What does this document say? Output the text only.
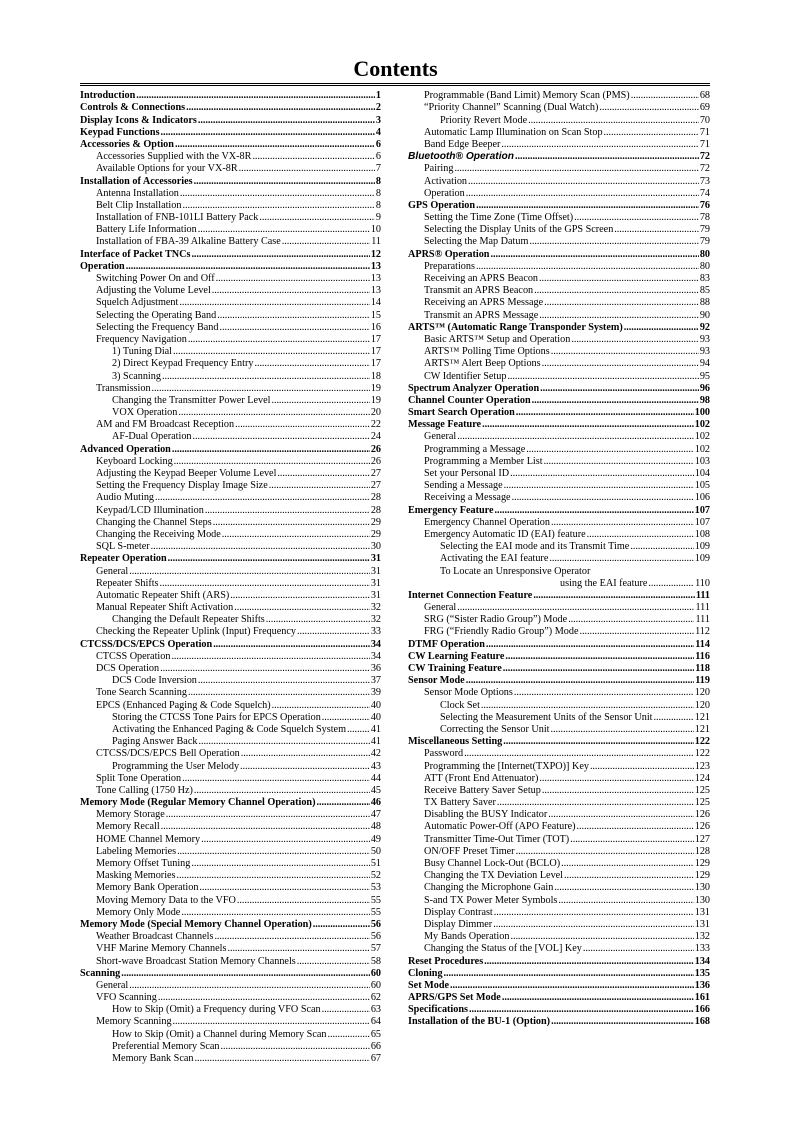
Contents
Introduction . . .	1
Controls & Connections . . .	2
Display Icons & Indicators . . .	3
Keypad Functions . . .	4
Accessories & Option . . .	6
Accessories Supplied with the VX-8R . . .	6
Available Options for your VX-8R . . .	7
Installation of Accessories . . .	8
Antenna Installation . . .	8
Belt Clip Installation . . .	8
Installation of FNB-101LI Battery Pack . . .	9
Battery Life Information . . .	10
Installation of FBA-39 Alkaline Battery Case . . .	11
Interface of Packet TNCs . . .	12
Operation . . .	13
Switching Power On and Off . . .	13
Adjusting the Volume Level . . .	13
Squelch Adjustment . . .	14
Selecting the Operating Band . . .	15
Selecting the Frequency Band . . .	16
Frequency Navigation . . .	17
1) Tuning Dial . . .	17
2) Direct Keypad Frequency Entry . . .	17
3) Scanning . . .	18
Transmission . . .	19
Changing the Transmitter Power Level . . .	19
VOX Operation . . .	20
AM and FM Broadcast Reception . . .	22
AF-Dual Operation . . .	24
Advanced Operation . . .	26
Keyboard Locking . . .	26
Adjusting the Keypad Beeper Volume Level . . .	27
Setting the Frequency Display Image Size . . .	27
Audio Muting . . .	28
Keypad/LCD Illumination . . .	28
Changing the Channel Steps . . .	29
Changing the Receiving Mode . . .	29
SQL S-meter . . .	30
Repeater Operation . . .	31
General . . .	31
Repeater Shifts . . .	31
Automatic Repeater Shift (ARS) . . .	31
Manual Repeater Shift Activation . . .	32
Changing the Default Repeater Shifts . . .	32
Checking the Repeater Uplink (Input) Frequency . . .	33
CTCSS/DCS/EPCS Operation . . .	34
CTCSS Operation . . .	34
DCS Operation . . .	36
DCS Code Inversion . . .	37
Tone Search Scanning . . .	39
EPCS (Enhanced Paging & Code Squelch) . . .	40
Storing the CTCSS Tone Pairs for EPCS Operation . . .	40
Activating the Enhanced Paging & Code Squelch System . . . 41
Paging Answer Back . . .	41
CTCSS/DCS/EPCS Bell Operation . . .	42
Programming the User Melody . . .	43
Split Tone Operation . . .	44
Tone Calling (1750 Hz) . . .	45
Memory Mode (Regular Memory Channel Operation) . . .	46
Memory Storage . . .	47
Memory Recall . . .	48
HOME Channel Memory . . .	49
Labeling Memories . . .	50
Memory Offset Tuning . . .	51
Masking Memories . . .	52
Memory Bank Operation . . .	53
Moving Memory Data to the VFO . . .	55
Memory Only Mode . . .	55
Memory Mode (Special Memory Channel Operation) . . .	56
Weather Broadcast Channels . . .	56
VHF Marine Memory Channels . . .	57
Short-wave Broadcast Station Memory Channels . . .	58
Scanning . . .	60
General . . .	60
VFO Scanning . . .	62
How to Skip (Omit) a Frequency during VFO Scan . . .	63
Memory Scanning . . .	64
How to Skip (Omit) a Channel during Memory Scan . . .	65
Preferential Memory Scan . . .	66
Memory Bank Scan . . .	67
Programmable (Band Limit) Memory Scan (PMS) . . .	68
“Priority Channel” Scanning (Dual Watch) . . .	69
Priority Revert Mode . . .	70
Automatic Lamp Illumination on Scan Stop . . .	71
Band Edge Beeper . . .	71
Bluetooth® Operation . . .	72
Pairing . . .	72
Activation . . .	73
Operation . . .	74
GPS Operation . . .	76
Setting the Time Zone (Time Offset) . . .	78
Selecting the Display Units of the GPS Screen . . .	79
Selecting the Map Datum . . .	79
APRS® Operation . . .	80
Preparations . . .	80
Receiving an APRS Beacon . . .	83
Transmit an APRS Beacon . . .	85
Receiving an APRS Message . . .	88
Transmit an APRS Message . . .	90
ARTS™ (Automatic Range Transponder System) . . .	92
Basic ARTS™ Setup and Operation . . .	93
ARTS™ Polling Time Options . . .	93
ARTS™ Alert Beep Options . . .	94
CW Identifier Setup . . .	95
Spectrum Analyzer Operation . . .	96
Channel Counter Operation . . .	98
Smart Search Operation . . .	100
Message Feature . . .	102
General . . .	102
Programming a Message . . .	102
Programming a Member List . . .	103
Set your Personal ID . . .	104
Sending a Message . . .	105
Receiving a Message . . .	106
Emergency Feature . . .	107
Emergency Channel Operation . . .	107
Emergency Automatic ID (EAI) feature . . .	108
Selecting the EAI mode and its Transmit Time . . .	109
Activating the EAI feature . . .	109
To Locate an Unresponsive Operator
using the EAI feature . . .	110
Internet Connection Feature . . .	111
General . . .	111
SRG (“Sister Radio Group”) Mode . . .	111
FRG (“Friendly Radio Group”) Mode . . .	112
DTMF Operation . . .	114
CW Learning Feature . . .	116
CW Training Feature . . .	118
Sensor Mode . . .	119
Sensor Mode Options . . .	120
Clock Set . . .	120
Selecting the Measurement Units of the Sensor Unit . . .	121
Correcting the Sensor Unit . . .	121
Miscellaneous Setting . . .	122
Password . . .	122
Programming the [Internet(TXPO)] Key . . .	123
ATT (Front End Attenuator) . . .	124
Receive Battery Saver Setup . . .	125
TX Battery Saver . . .	125
Disabling the BUSY Indicator . . .	126
Automatic Power-Off (APO Feature) . . .	126
Transmitter Time-Out Timer (TOT) . . .	127
ON/OFF Preset Timer . . .	128
Busy Channel Lock-Out (BCLO) . . .	129
Changing the TX Deviation Level . . .	129
Changing the Microphone Gain . . .	130
S-and TX Power Meter Symbols . . .	130
Display Contrast . . .	131
Display Dimmer . . .	131
My Bands Operation . . .	132
Changing the Status of the [VOL] Key . . .	133
Reset Procedures . . .	134
Cloning . . .	135
Set Mode . . .	136
APRS/GPS Set Mode . . .	161
Specifications . . .	166
Installation of the BU-1 (Option) . . .	168
